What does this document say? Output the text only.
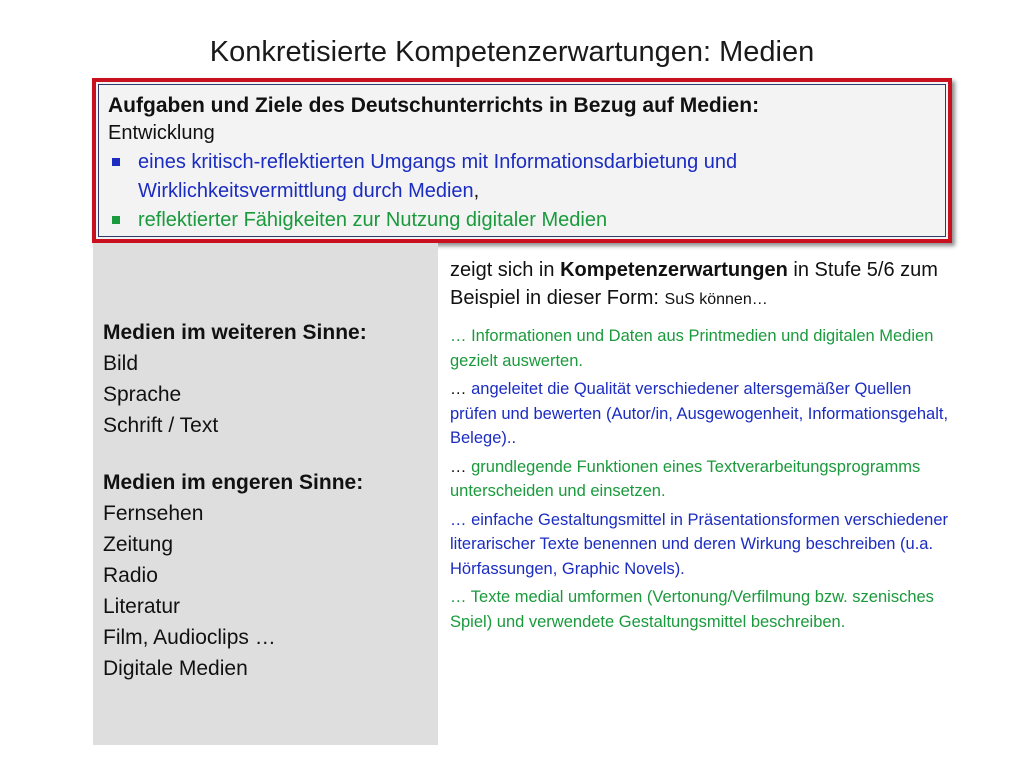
Konkretisierte Kompetenzerwartungen: Medien
Aufgaben und Ziele des Deutschunterrichts in Bezug auf Medien:
Entwicklung
eines kritisch-reflektierten Umgangs mit Informationsdarbietung und Wirklichkeitsvermittlung durch Medien,
reflektierter Fähigkeiten zur Nutzung digitaler Medien
Medien im weiteren Sinne:
Bild
Sprache
Schrift / Text
Medien im engeren Sinne:
Fernsehen
Zeitung
Radio
Literatur
Film, Audioclips …
Digitale Medien
zeigt sich in Kompetenzerwartungen in Stufe 5/6 zum Beispiel in dieser Form: SuS können…
… Informationen und Daten aus Printmedien und digitalen Medien gezielt auswerten.
… angeleitet die Qualität verschiedener altersgemäßer Quellen prüfen und bewerten (Autor/in, Ausgewogenheit, Informationsgehalt, Belege)..
… grundlegende Funktionen eines Textverarbeitungsprogramms unterscheiden und einsetzen.
… einfache Gestaltungsmittel in Präsentationsformen verschiedener literarischer Texte benennen und deren Wirkung beschreiben (u.a. Hörfassungen, Graphic Novels).
… Texte medial umformen (Vertonung/Verfilmung bzw. szenisches Spiel) und verwendete Gestaltungsmittel beschreiben.
